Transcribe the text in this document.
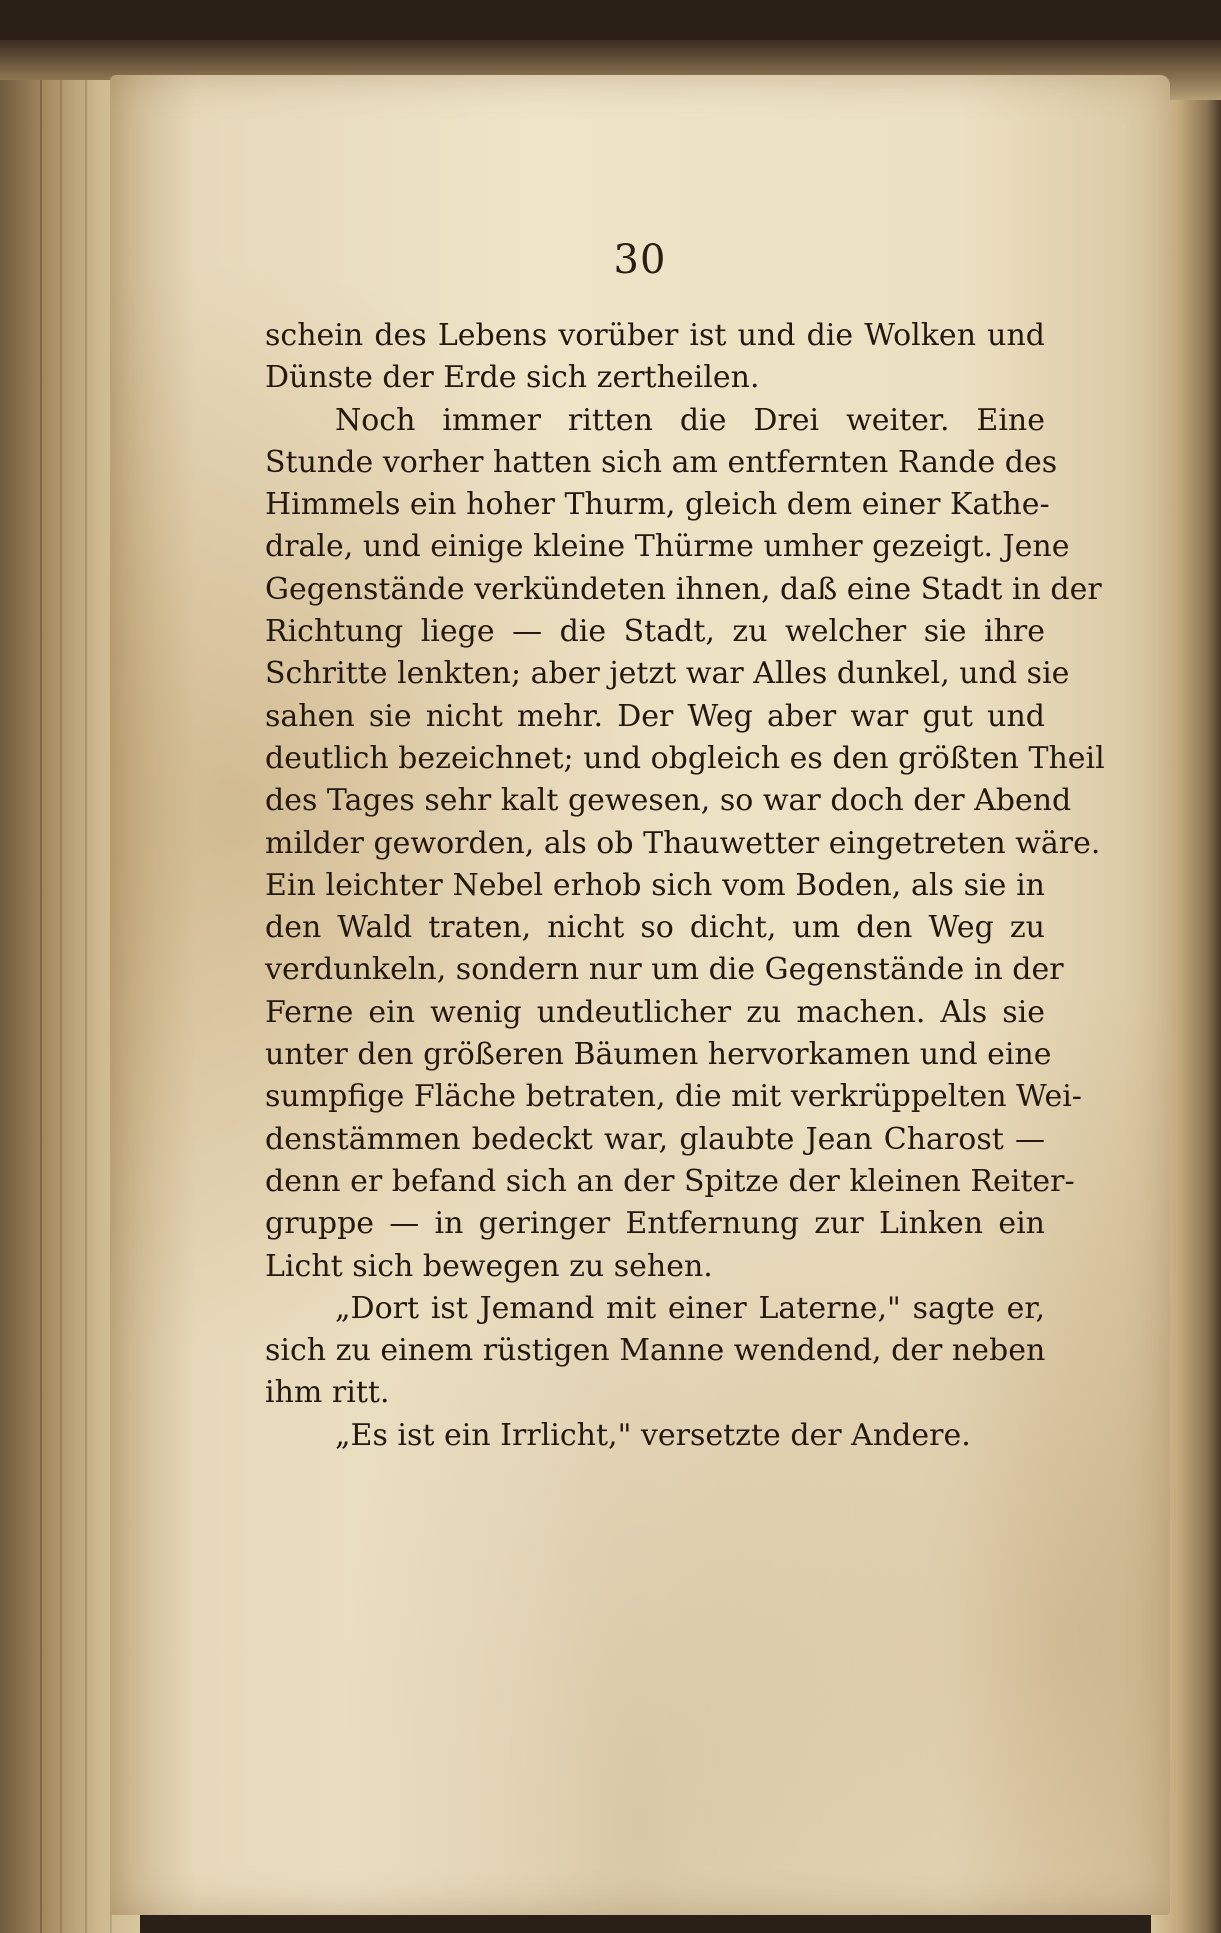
30
schein des Lebens vorüber ist und die Wolken und
Dünste der Erde sich zertheilen.
Noch immer ritten die Drei weiter. Eine
Stunde vorher hatten sich am entfernten Rande des
Himmels ein hoher Thurm, gleich dem einer Kathe-
drale, und einige kleine Thürme umher gezeigt. Jene
Gegenstände verkündeten ihnen, daß eine Stadt in der
Richtung liege — die Stadt, zu welcher sie ihre
Schritte lenkten; aber jetzt war Alles dunkel, und sie
sahen sie nicht mehr. Der Weg aber war gut und
deutlich bezeichnet; und obgleich es den größten Theil
des Tages sehr kalt gewesen, so war doch der Abend
milder geworden, als ob Thauwetter eingetreten wäre.
Ein leichter Nebel erhob sich vom Boden, als sie in
den Wald traten, nicht so dicht, um den Weg zu
verdunkeln, sondern nur um die Gegenstände in der
Ferne ein wenig undeutlicher zu machen. Als sie
unter den größeren Bäumen hervorkamen und eine
sumpfige Fläche betraten, die mit verkrüppelten Wei-
denstämmen bedeckt war, glaubte Jean Charost —
denn er befand sich an der Spitze der kleinen Reiter-
gruppe — in geringer Entfernung zur Linken ein
Licht sich bewegen zu sehen.
„Dort ist Jemand mit einer Laterne," sagte er,
sich zu einem rüstigen Manne wendend, der neben
ihm ritt.
„Es ist ein Irrlicht," versetzte der Andere.
